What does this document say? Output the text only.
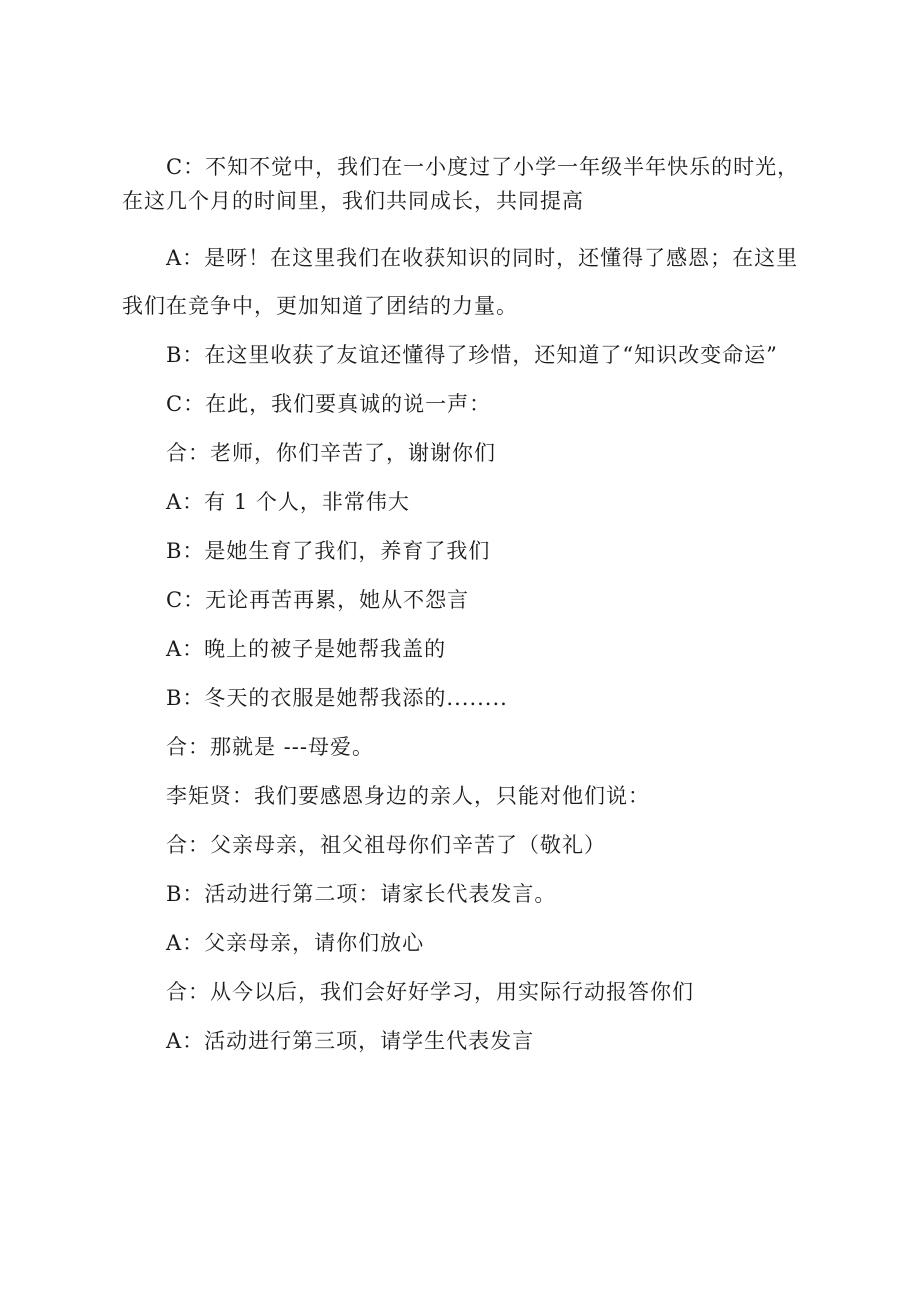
C：不知不觉中，我们在一小度过了小学一年级半年快乐的时光，在这几个月的时间里，我们共同成长，共同提高

A：是呀！在这里我们在收获知识的同时，还懂得了感恩；在这里我们在竞争中，更加知道了团结的力量。

B：在这里收获了友谊还懂得了珍惜，还知道了“知识改变命运”

C：在此，我们要真诚的说一声：

合：老师，你们辛苦了，谢谢你们

A：有 1 个人，非常伟大

B：是她生育了我们，养育了我们

C：无论再苦再累，她从不怨言

A：晚上的被子是她帮我盖的

B：冬天的衣服是她帮我添的........

合：那就是 ---母爱。

李矩贤：我们要感恩身边的亲人，只能对他们说：

合：父亲母亲，祖父祖母你们辛苦了（敬礼）

B：活动进行第二项：请家长代表发言。

A：父亲母亲，请你们放心

合：从今以后，我们会好好学习，用实际行动报答你们

A：活动进行第三项，请学生代表发言
